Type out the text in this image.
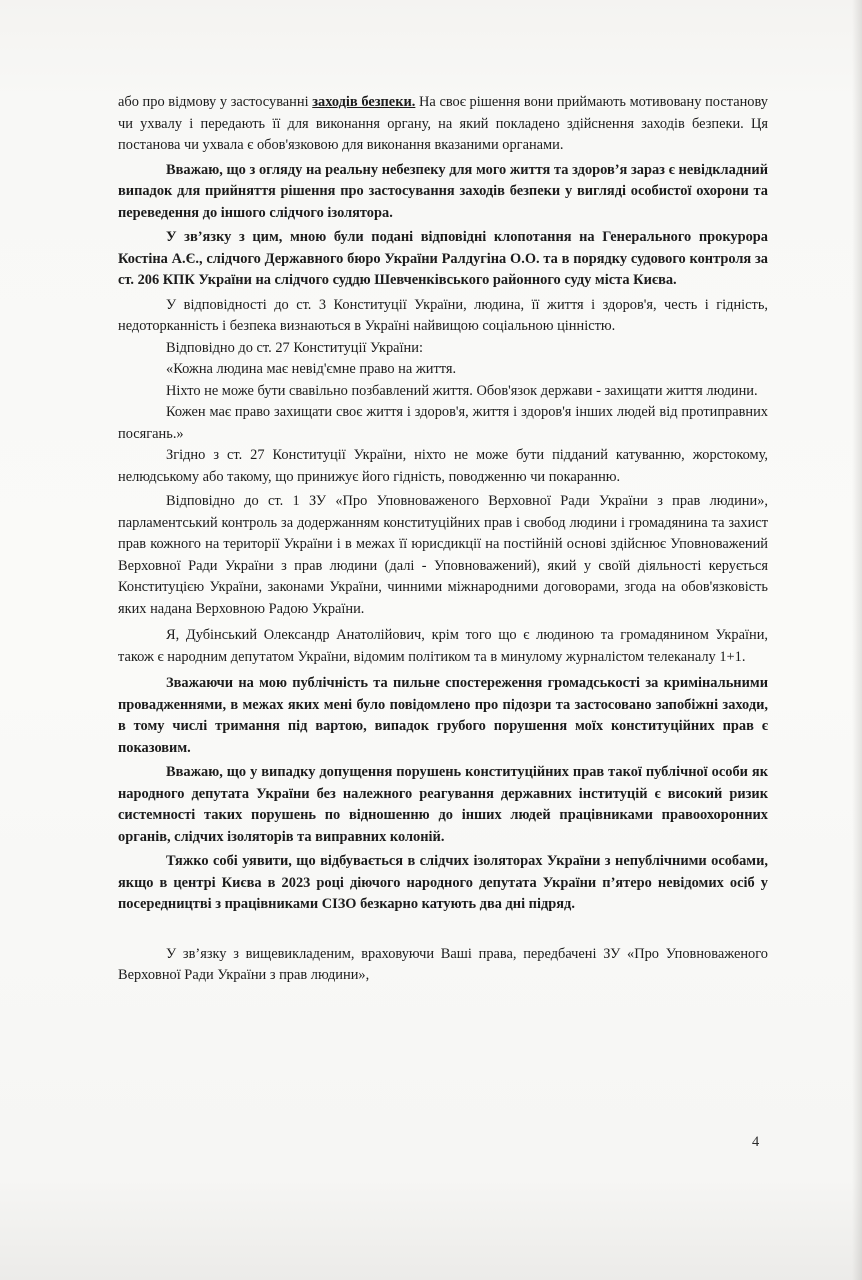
або про відмову у застосуванні заходів безпеки. На своє рішення вони приймають мотивовану постанову чи ухвалу і передають її для виконання органу, на який покладено здійснення заходів безпеки. Ця постанова чи ухвала є обов'язковою для виконання вказаними органами.

Вважаю, що з огляду на реальну небезпеку для мого життя та здоров’я зараз є невідкладний випадок для прийняття рішення про застосування заходів безпеки у вигляді особистої охорони та переведення до іншого слідчого ізолятора.

У зв’язку з цим, мною були подані відповідні клопотання на Генерального прокурора Костіна А.Є., слідчого Державного бюро України Ралдугіна О.О. та в порядку судового контроля за ст. 206 КПК України на слідчого суддю Шевченківського районного суду міста Києва.

У відповідності до ст. 3 Конституції України, людина, її життя і здоров'я, честь і гідність, недоторканність і безпека визнаються в Україні найвищою соціальною цінністю.

Відповідно до ст. 27 Конституції України:

«Кожна людина має невід'ємне право на життя.

Ніхто не може бути свавільно позбавлений життя. Обов'язок держави - захищати життя людини.

Кожен має право захищати своє життя і здоров'я, життя і здоров'я інших людей від протиправних посягань.»

Згідно з ст. 27 Конституції України, ніхто не може бути підданий катуванню, жорстокому, нелюдському або такому, що принижує його гідність, поводженню чи покаранню.

Відповідно до ст. 1 ЗУ «Про Уповноваженого Верховної Ради України з прав людини», парламентський контроль за додержанням конституційних прав і свобод людини і громадянина та захист прав кожного на території України і в межах її юрисдикції на постійній основі здійснює Уповноважений Верховної Ради України з прав людини (далі - Уповноважений), який у своїй діяльності керується Конституцією України, законами України, чинними міжнародними договорами, згода на обов'язковість яких надана Верховною Радою України.

Я, Дубінський Олександр Анатолійович, крім того що є людиною та громадянином України, також є народним депутатом України, відомим політиком та в минулому журналістом телеканалу 1+1.

Зважаючи на мою публічність та пильне спостереження громадськості за кримінальними провадженнями, в межах яких мені було повідомлено про підозри та застосовано запобіжні заходи, в тому числі тримання під вартою, випадок грубого порушення моїх конституційних прав є показовим.

Вважаю, що у випадку допущення порушень конституційних прав такої публічної особи як народного депутата України без належного реагування державних інституцій є високий ризик системності таких порушень по відношенню до інших людей працівниками правоохоронних органів, слідчих ізоляторів та виправних колоній.

Тяжко собі уявити, що відбувається в слідчих ізоляторах України з непублічними особами, якщо в центрі Києва в 2023 році діючого народного депутата України п’ятеро невідомих осіб у посередництві з працівниками СІЗО безкарно катують два дні підряд.

У зв’язку з вищевикладеним, враховуючи Ваші права, передбачені ЗУ «Про Уповноваженого Верховної Ради України з прав людини»,

4
